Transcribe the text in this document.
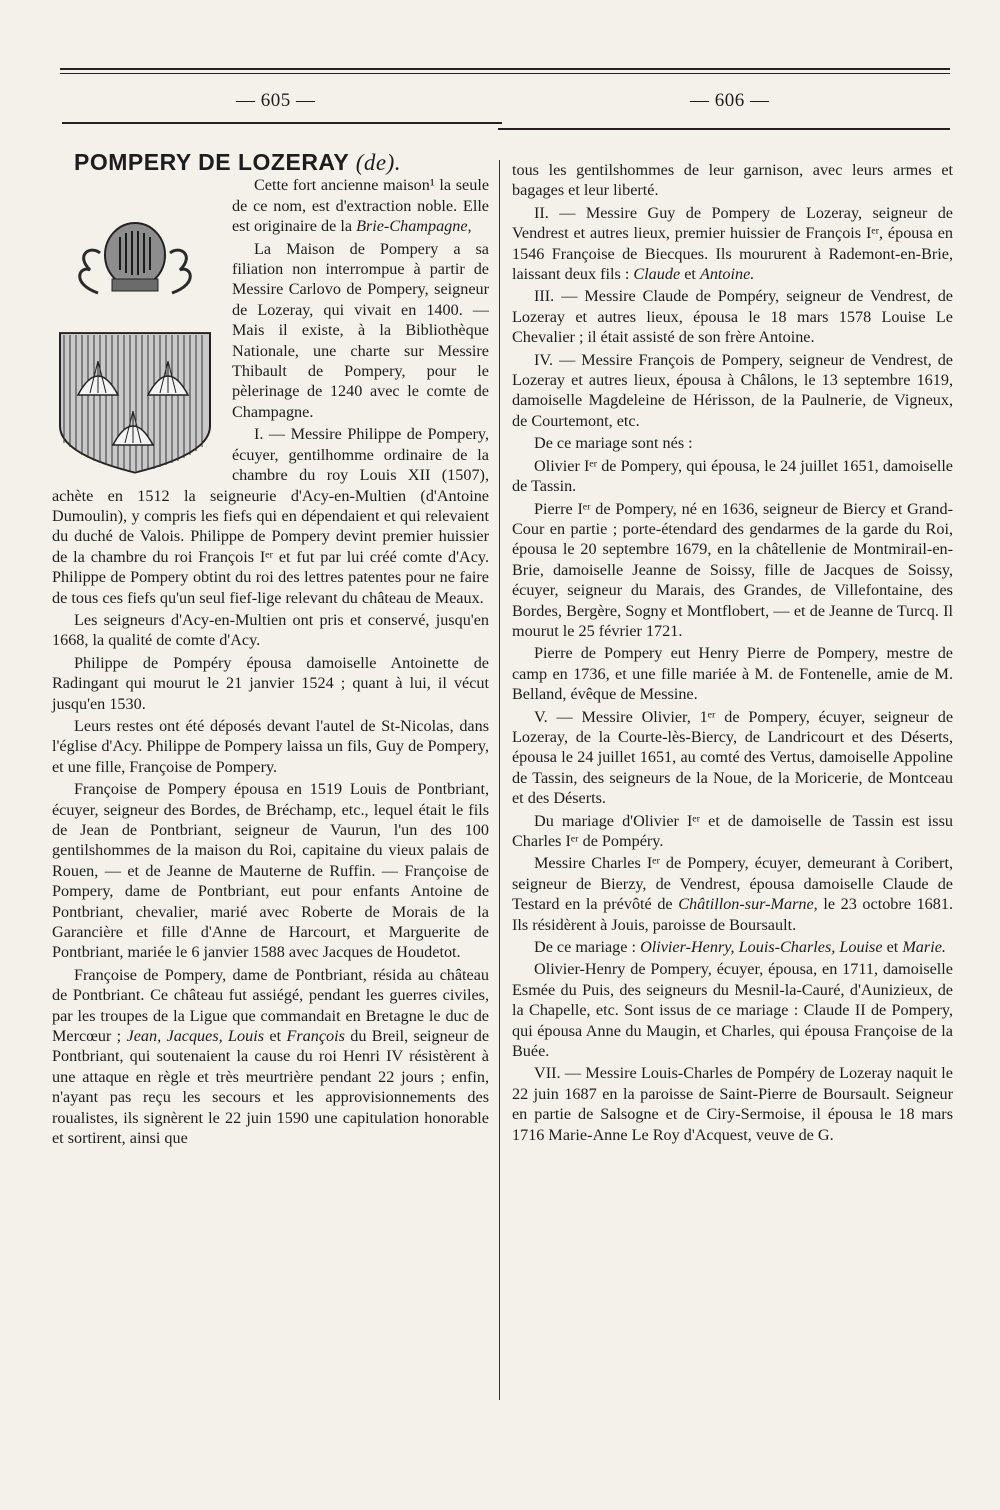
— 605 —	— 606 —

POMPERY DE LOZERAY (de).

Cette fort ancienne maison¹ la seule de ce nom, est d'extraction noble. Elle est originaire de la Brie-Champagne,

La Maison de Pompery a sa filiation non interrompue à partir de Messire Carlovo de Pompery, seigneur de Lozeray, qui vivait en 1400. — Mais il existe, à la Bibliothèque Nationale, une charte sur Messire Thibault de Pompery, pour le pèlerinage de 1240 avec le comte de Champagne.

I. — Messire Philippe de Pompery, écuyer, gentilhomme ordinaire de la chambre du roy Louis XII (1507), achète en 1512 la seigneurie d'Acy-en-Multien (d'Antoine Dumoulin), y compris les fiefs qui en dépendaient et qui relevaient du duché de Valois. Philippe de Pompery devint premier huissier de la chambre du roi François Iᵉʳ et fut par lui créé comte d'Acy. Philippe de Pompery obtint du roi des lettres patentes pour ne faire de tous ces fiefs qu'un seul fief-lige relevant du château de Meaux.

Les seigneurs d'Acy-en-Multien ont pris et conservé, jusqu'en 1668, la qualité de comte d'Acy.

Philippe de Pompéry épousa damoiselle Antoinette de Radingant qui mourut le 21 janvier 1524 ; quant à lui, il vécut jusqu'en 1530.

Leurs restes ont été déposés devant l'autel de St-Nicolas, dans l'église d'Acy. Philippe de Pompery laissa un fils, Guy de Pompery, et une fille, Françoise de Pompery.

Françoise de Pompery épousa en 1519 Louis de Pontbriant, écuyer, seigneur des Bordes, de Bréchamp, etc., lequel était le fils de Jean de Pontbriant, seigneur de Vaurun, l'un des 100 gentilshommes de la maison du Roi, capitaine du vieux palais de Rouen, — et de Jeanne de Mauterne de Ruffin. — Françoise de Pompery, dame de Pontbriant, eut pour enfants Antoine de Pontbriant, chevalier, marié avec Roberte de Morais de la Garancière et fille d'Anne de Harcourt, et Marguerite de Pontbriant, mariée le 6 janvier 1588 avec Jacques de Houdetot.

Françoise de Pompery, dame de Pontbriant, résida au château de Pontbriant. Ce château fut assiégé, pendant les guerres civiles, par les troupes de la Ligue que commandait en Bretagne le duc de Mercœur ; Jean, Jacques, Louis et François du Breil, seigneur de Pontbriant, qui soutenaient la cause du roi Henri IV résistèrent à une attaque en règle et très meurtrière pendant 22 jours ; enfin, n'ayant pas reçu les secours et les approvisionnements des roualistes, ils signèrent le 22 juin 1590 une capitulation honorable et sortirent, ainsi que

tous les gentilshommes de leur garnison, avec leurs armes et bagages et leur liberté.

II. — Messire Guy de Pompery de Lozeray, seigneur de Vendrest et autres lieux, premier huissier de François Iᵉʳ, épousa en 1546 Françoise de Biecques. Ils moururent à Rademont-en-Brie, laissant deux fils : Claude et Antoine.

III. — Messire Claude de Pompéry, seigneur de Vendrest, de Lozeray et autres lieux, épousa le 18 mars 1578 Louise Le Chevalier ; il était assisté de son frère Antoine.

IV. — Messire François de Pompery, seigneur de Vendrest, de Lozeray et autres lieux, épousa à Châlons, le 13 septembre 1619, damoiselle Magdeleine de Hérisson, de la Paulnerie, de Vigneux, de Courtemont, etc.

De ce mariage sont nés :

Olivier Iᵉʳ de Pompery, qui épousa, le 24 juillet 1651, damoiselle de Tassin.

Pierre Iᵉʳ de Pompery, né en 1636, seigneur de Biercy et Grand-Cour en partie ; porte-étendard des gendarmes de la garde du Roi, épousa le 20 septembre 1679, en la châtellenie de Montmirail-en-Brie, damoiselle Jeanne de Soissy, fille de Jacques de Soissy, écuyer, seigneur du Marais, des Grandes, de Villefontaine, des Bordes, Bergère, Sogny et Montflobert, — et de Jeanne de Turcq. Il mourut le 25 février 1721.

Pierre de Pompery eut Henry Pierre de Pompery, mestre de camp en 1736, et une fille mariée à M. de Fontenelle, amie de M. Belland, évêque de Messine.

V. — Messire Olivier, 1ᵉʳ de Pompery, écuyer, seigneur de Lozeray, de la Courte-lès-Biercy, de Landricourt et des Déserts, épousa le 24 juillet 1651, au comté des Vertus, damoiselle Appoline de Tassin, des seigneurs de la Noue, de la Moricerie, de Montceau et des Déserts.

Du mariage d'Olivier Iᵉʳ et de damoiselle de Tassin est issu Charles Iᵉʳ de Pompéry.

Messire Charles Iᵉʳ de Pompery, écuyer, demeurant à Coribert, seigneur de Bierzy, de Vendrest, épousa damoiselle Claude de Testard en la prévôté de Châtillon-sur-Marne, le 23 octobre 1681. Ils résidèrent à Jouis, paroisse de Boursault.

De ce mariage : Olivier-Henry, Louis-Charles, Louise et Marie.

Olivier-Henry de Pompery, écuyer, épousa, en 1711, damoiselle Esmée du Puis, des seigneurs du Mesnil-la-Cauré, d'Aunizieux, de la Chapelle, etc. Sont issus de ce mariage : Claude II de Pompery, qui épousa Anne du Maugin, et Charles, qui épousa Françoise de la Buée.

VII. — Messire Louis-Charles de Pompéry de Lozeray naquit le 22 juin 1687 en la paroisse de Saint-Pierre de Boursault. Seigneur en partie de Salsogne et de Ciry-Sermoise, il épousa le 18 mars 1716 Marie-Anne Le Roy d'Acquest, veuve de G.
